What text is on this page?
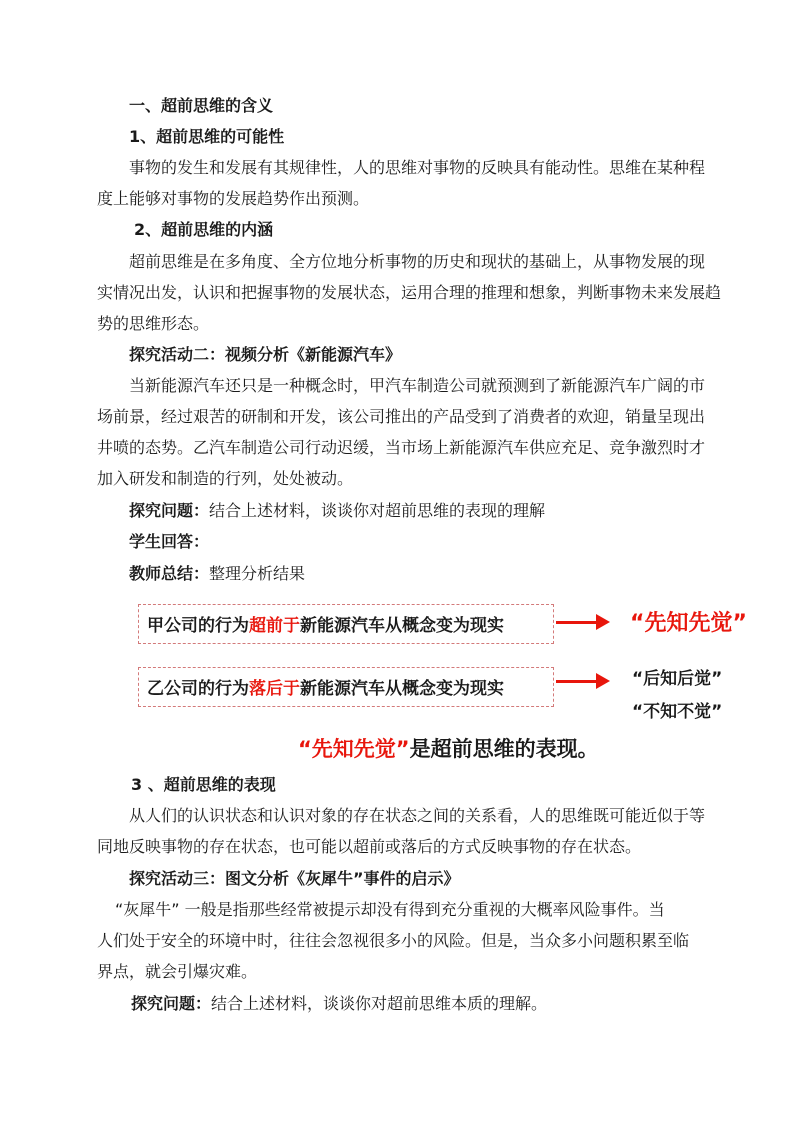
一、超前思维的含义
1、超前思维的可能性
事物的发生和发展有其规律性，人的思维对事物的反映具有能动性。思维在某种程
度上能够对事物的发展趋势作出预测。
2、超前思维的内涵
超前思维是在多角度、全方位地分析事物的历史和现状的基础上，从事物发展的现
实情况出发，认识和把握事物的发展状态，运用合理的推理和想象，判断事物未来发展趋
势的思维形态。
探究活动二：视频分析《新能源汽车》
当新能源汽车还只是一种概念时，甲汽车制造公司就预测到了新能源汽车广阔的市
场前景，经过艰苦的研制和开发，该公司推出的产品受到了消费者的欢迎，销量呈现出
井喷的态势。乙汽车制造公司行动迟缓，当市场上新能源汽车供应充足、竞争激烈时才
加入研发和制造的行列，处处被动。
探究问题：结合上述材料，谈谈你对超前思维的表现的理解
学生回答：
教师总结：整理分析结果
甲公司的行为超前于新能源汽车从概念变为现实	“先知先觉”
乙公司的行为落后于新能源汽车从概念变为现实	“后知后觉”
“不知不觉”
“先知先觉”是超前思维的表现。
3 、超前思维的表现
从人们的认识状态和认识对象的存在状态之间的关系看，人的思维既可能近似于等
同地反映事物的存在状态，也可能以超前或落后的方式反映事物的存在状态。
探究活动三：图文分析《灰犀牛”事件的启示》
“灰犀牛” 一般是指那些经常被提示却没有得到充分重视的大概率风险事件。当
人们处于安全的环境中时，往往会忽视很多小的风险。但是，当众多小问题积累至临
界点，就会引爆灾难。
探究问题：结合上述材料，谈谈你对超前思维本质的理解。
